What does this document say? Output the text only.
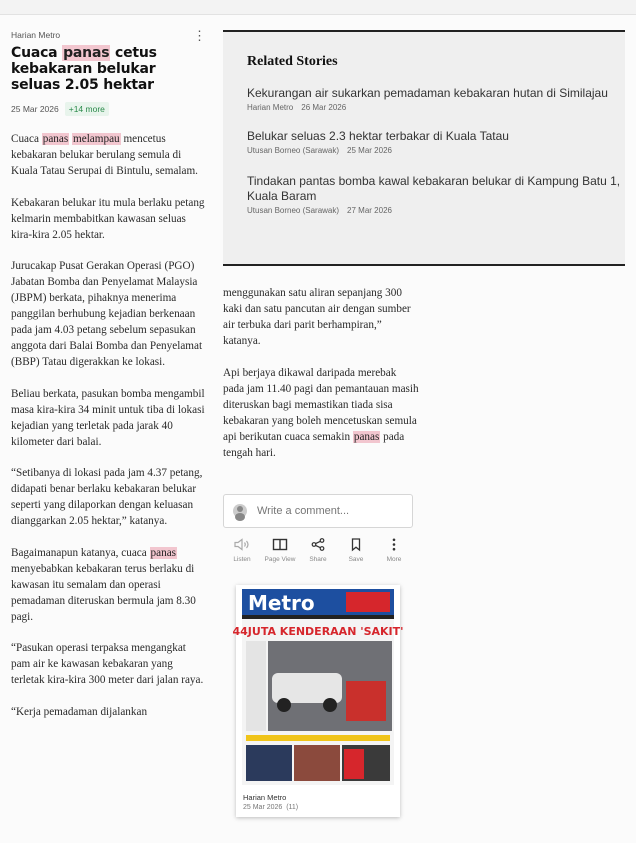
Harian Metro
Cuaca panas cetus kebakaran belukar seluas 2.05 hektar
25 Mar 2026	+14 more

Cuaca panas melampau mencetus kebakaran belukar berulang semula di Kuala Tatau Serupai di Bintulu, semalam.

Kebakaran belukar itu mula berlaku petang kelmarin membabitkan kawasan seluas kira-kira 2.05 hektar.

Jurucakap Pusat Gerakan Operasi (PGO) Jabatan Bomba dan Penyelamat Malaysia (JBPM) berkata, pihaknya menerima panggilan berhubung kejadian berkenaan pada jam 4.03 petang sebelum sepasukan anggota dari Balai Bomba dan Penyelamat (BBP) Tatau digerakkan ke lokasi.

Beliau berkata, pasukan bomba mengambil masa kira-kira 34 minit untuk tiba di lokasi kejadian yang terletak pada jarak 40 kilometer dari balai.

“Setibanya di lokasi pada jam 4.37 petang, didapati benar berlaku kebakaran belukar seperti yang dilaporkan dengan keluasan dianggarkan 2.05 hektar,” katanya.

Bagaimanapun katanya, cuaca panas menyebabkan kebakaran terus berlaku di kawasan itu semalam dan operasi pemadaman diteruskan bermula jam 8.30 pagi.

“Pasukan operasi terpaksa mengangkat pam air ke kawasan kebakaran yang terletak kira-kira 300 meter dari jalan raya.

“Kerja pemadaman dijalankan

⋮
Related Stories
Kekurangan air sukarkan pemadaman kebakaran hutan di Similajau
Harian Metro 26 Mar 2026
Belukar seluas 2.3 hektar terbakar di Kuala Tatau
Utusan Borneo (Sarawak) 25 Mar 2026
Tindakan pantas bomba kawal kebakaran belukar di Kampung Batu 1, Kuala Baram
Utusan Borneo (Sarawak) 27 Mar 2026

menggunakan satu aliran sepanjang 300 kaki dan satu pancutan air dengan sumber air terbuka dari parit berhampiran,” katanya.

Api berjaya dikawal daripada merebak pada jam 11.40 pagi dan pemantauan masih diteruskan bagi memastikan tiada sisa kebakaran yang boleh mencetuskan semula api berikutan cuaca semakin panas pada tengah hari.

Write a comment...
Listen	Page View	Share	Save	More
Metro
44JUTA KENDERAAN 'SAKIT'
Harian Metro
25 Mar 2026 (11)
